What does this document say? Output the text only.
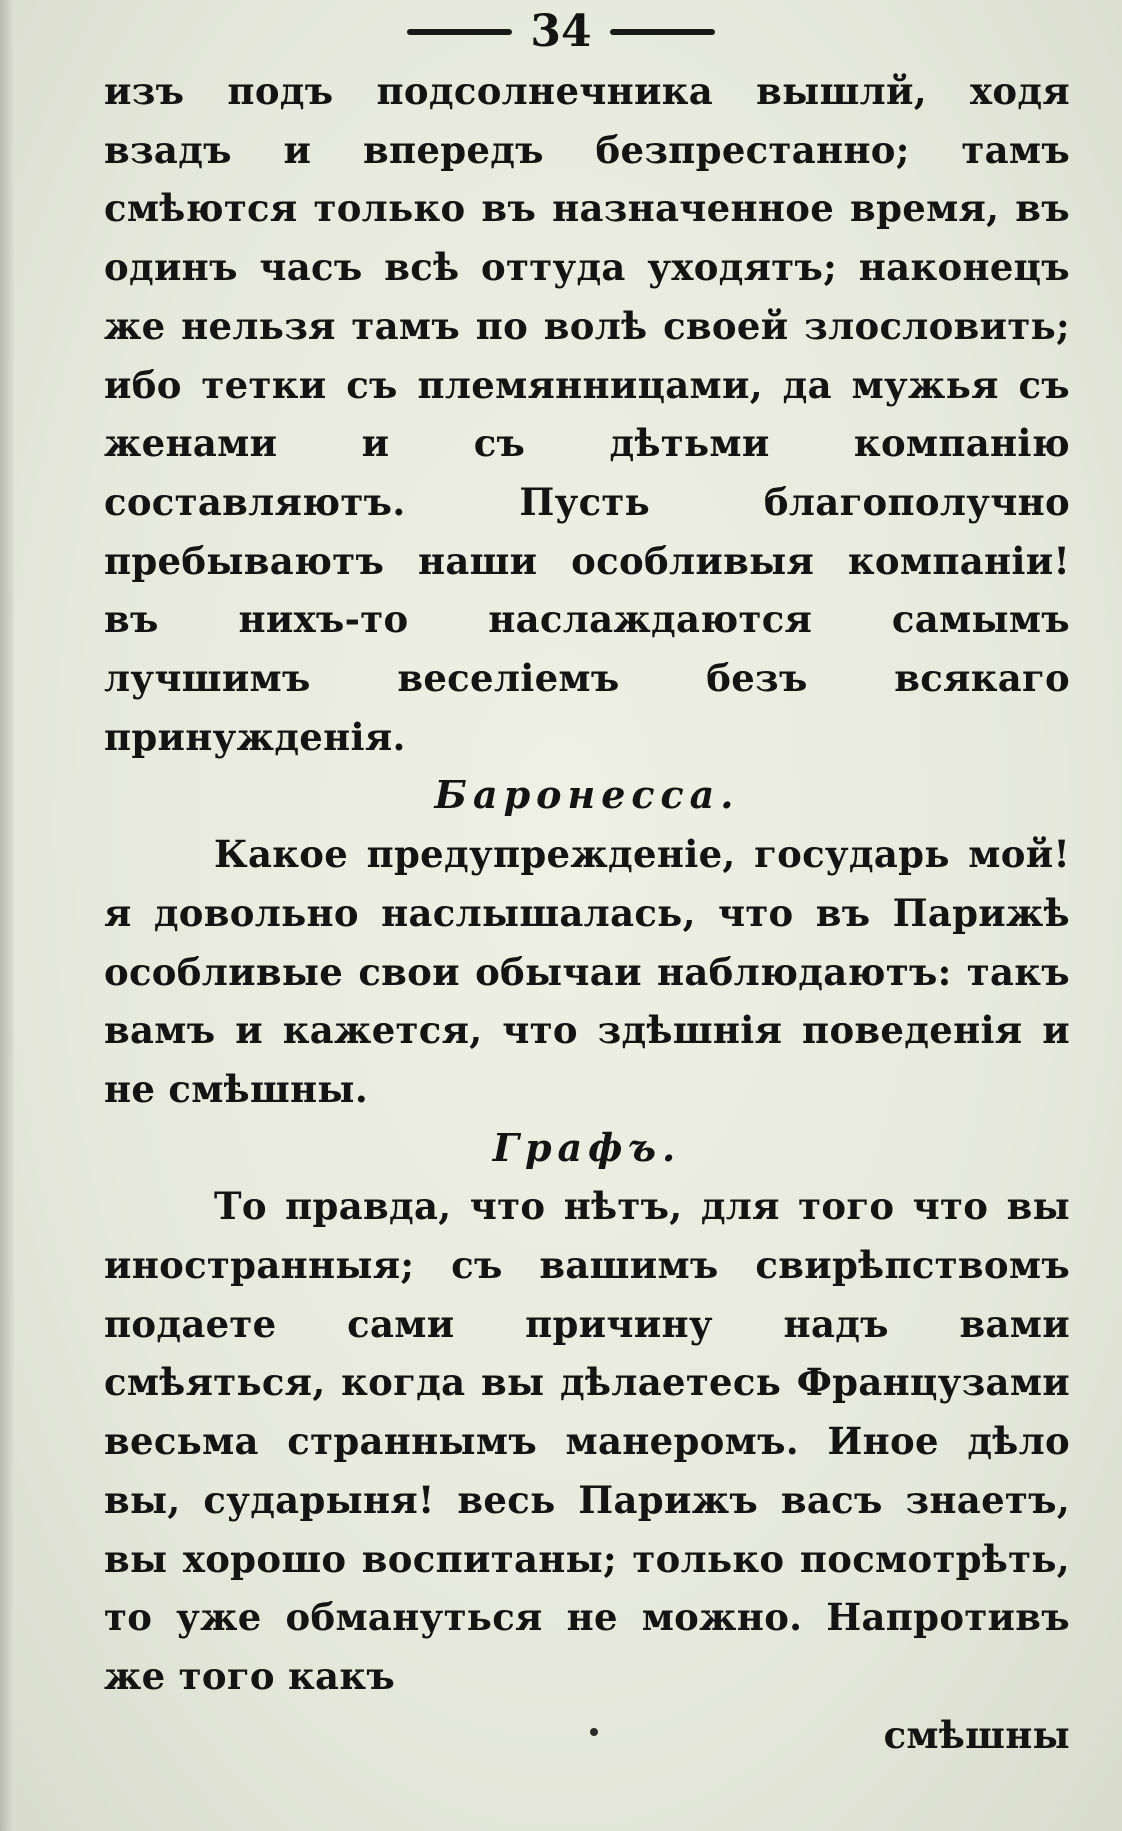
34

изъ подъ подсолнечника вышлй, ходя взадъ и впередъ безпрестанно; тамъ смѣются только въ назначенное время, въ одинъ часъ всѣ оттуда уходятъ; наконецъ же нельзя тамъ по волѣ своей злословить; ибо тетки съ племянницами, да мужья съ женами и съ дѣтьми компанію составляютъ. Пусть благополучно пребываютъ наши особливыя компаніи! въ нихъ-то наслаждаются самымъ лучшимъ веселіемъ безъ всякаго принужденія.

Баронесса.

Какое предупрежденіе, государь мой! я довольно наслышалась, что въ Парижѣ особливые свои обычаи наблюдаютъ: такъ вамъ и кажется, что здѣшнія поведенія и не смѣшны.

Графъ.

То правда, что нѣтъ, для того что вы иностранныя; съ вашимъ свирѣпствомъ подаете сами причину надъ вами смѣяться, когда вы дѣлаетесь Французами весьма страннымъ манеромъ. Иное дѣло вы, сударыня! весь Парижъ васъ знаетъ, вы хорошо воспитаны; только посмотрѣть, то уже обмануться не можно. Напротивъ же того какъ

смѣшны
